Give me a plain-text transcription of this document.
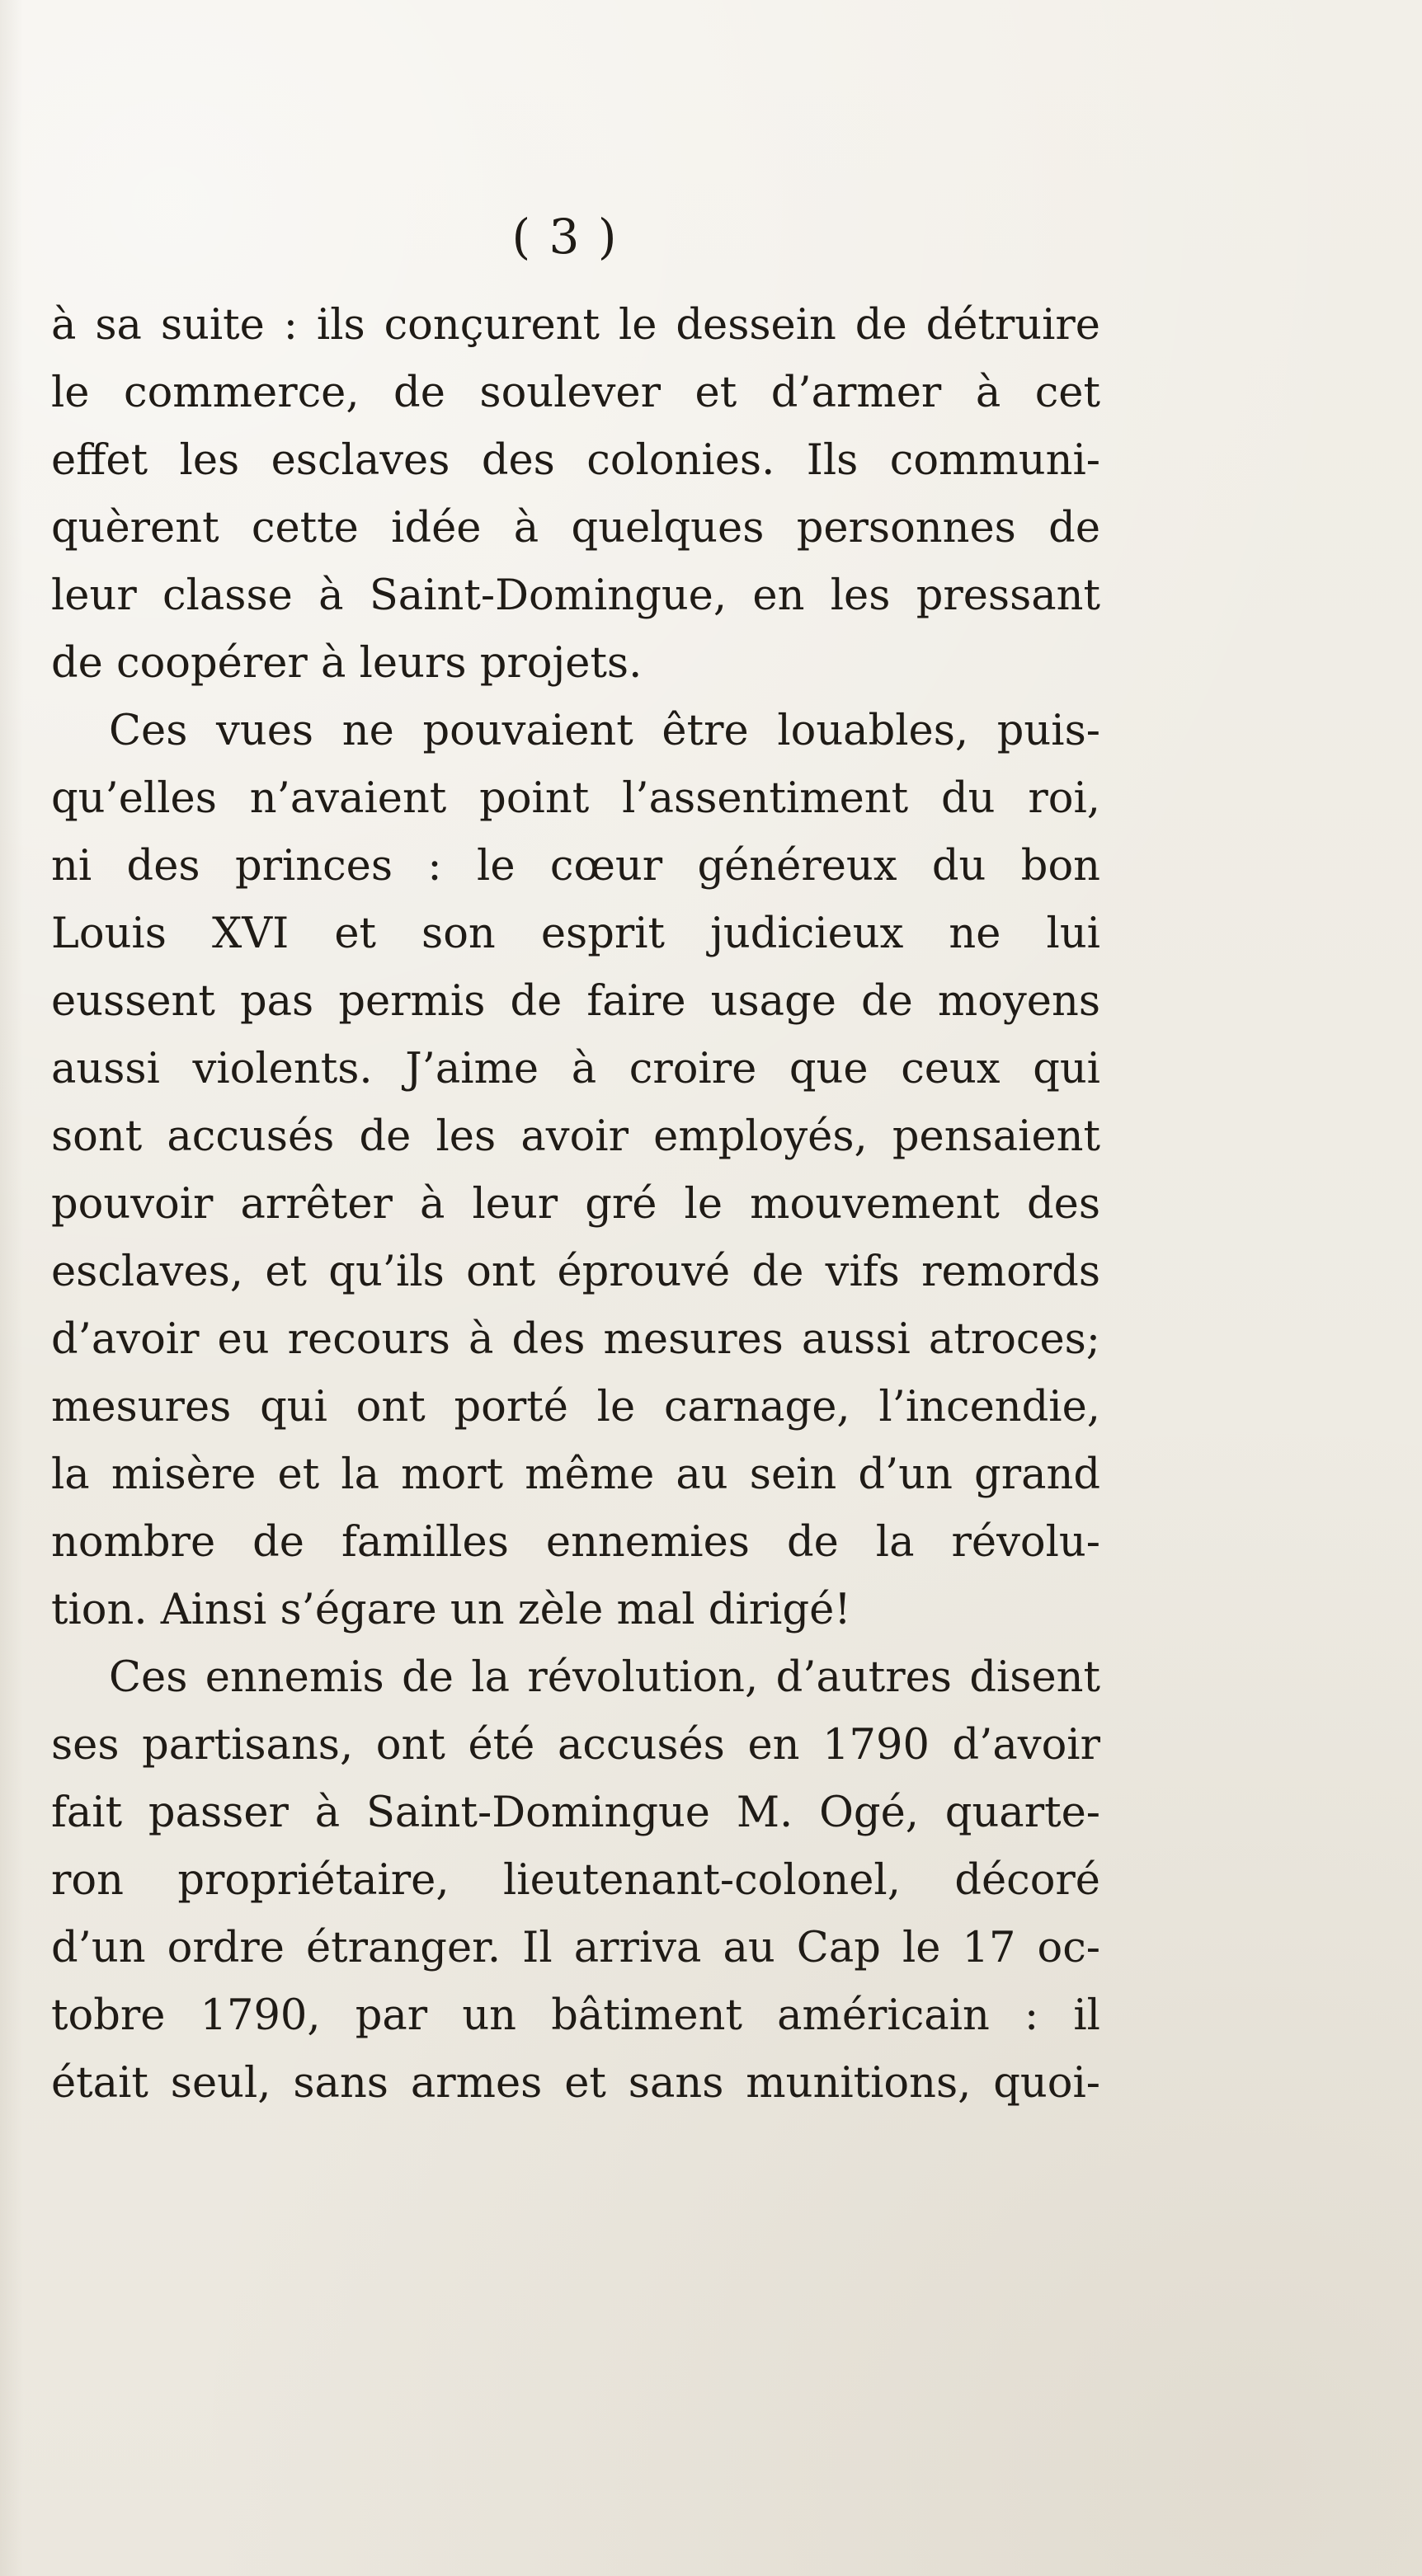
( 3 )
à sa suite : ils conçurent le dessein de détruire
le commerce, de soulever et d’armer à cet
effet les esclaves des colonies. Ils communi-
quèrent cette idée à quelques personnes de
leur classe à Saint-Domingue, en les pressant
de coopérer à leurs projets.
Ces vues ne pouvaient être louables, puis-
qu’elles n’avaient point l’assentiment du roi,
ni des princes : le cœur généreux du bon
Louis XVI et son esprit judicieux ne lui
eussent pas permis de faire usage de moyens
aussi violents. J’aime à croire que ceux qui
sont accusés de les avoir employés, pensaient
pouvoir arrêter à leur gré le mouvement des
esclaves, et qu’ils ont éprouvé de vifs remords
d’avoir eu recours à des mesures aussi atroces;
mesures qui ont porté le carnage, l’incendie,
la misère et la mort même au sein d’un grand
nombre de familles ennemies de la révolu-
tion. Ainsi s’égare un zèle mal dirigé!
Ces ennemis de la révolution, d’autres disent
ses partisans, ont été accusés en 1790 d’avoir
fait passer à Saint-Domingue M. Ogé, quarte-
ron propriétaire, lieutenant-colonel, décoré
d’un ordre étranger. Il arriva au Cap le 17 oc-
tobre 1790, par un bâtiment américain : il
était seul, sans armes et sans munitions, quoi-
